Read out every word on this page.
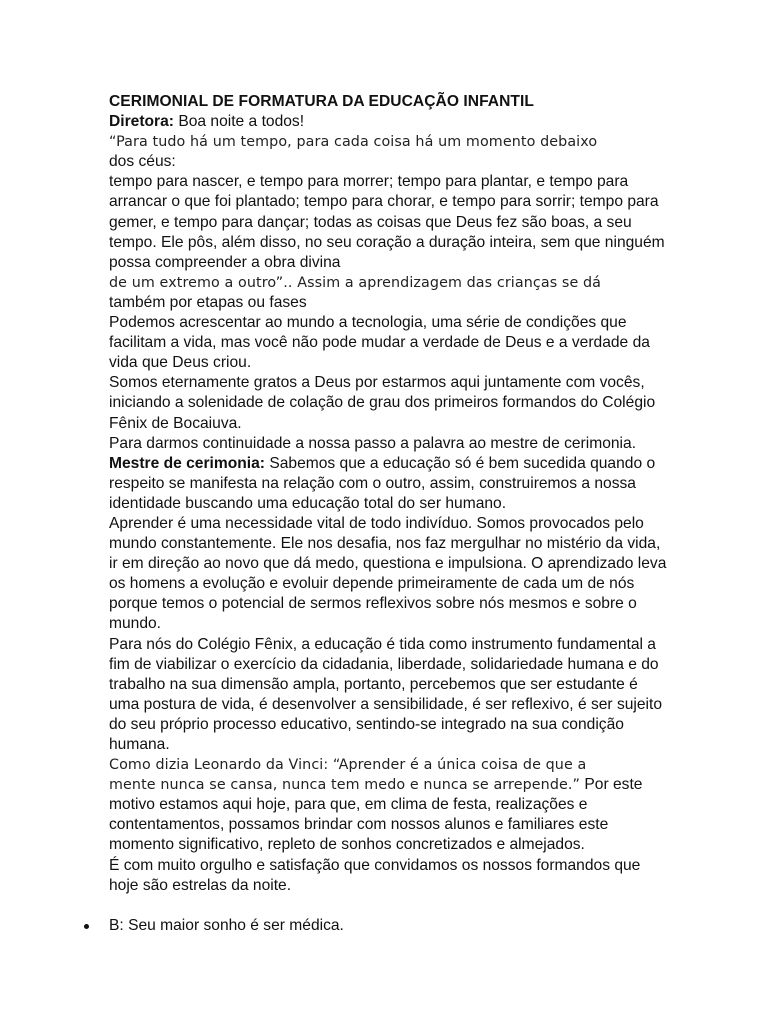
CERIMONIAL DE FORMATURA DA EDUCAÇÃO INFANTIL

Diretora: Boa noite a todos!

“Para tudo há um tempo, para cada coisa há um momento debaixo

dos céus:

tempo para nascer, e tempo para morrer; tempo para plantar, e tempo para arrancar o que foi plantado; tempo para chorar, e tempo para sorrir; tempo para gemer, e tempo para dançar; todas as coisas que Deus fez são boas, a seu tempo. Ele pôs, além disso, no seu coração a duração inteira, sem que ninguém possa compreender a obra divina

de um extremo a outro”.. Assim a aprendizagem das crianças se dá

também por etapas ou fases

Podemos acrescentar ao mundo a tecnologia, uma série de condições que facilitam a vida, mas você não pode mudar a verdade de Deus e a verdade da vida que Deus criou.

Somos eternamente gratos a Deus por estarmos aqui juntamente com vocês, iniciando a solenidade de colação de grau dos primeiros formandos do Colégio Fênix de Bocaiuva.

Para darmos continuidade a nossa passo a palavra ao mestre de cerimonia.

Mestre de cerimonia: Sabemos que a educação só é bem sucedida quando o respeito se manifesta na relação com o outro, assim, construiremos a nossa identidade buscando uma educação total do ser humano.

Aprender é uma necessidade vital de todo indivíduo. Somos provocados pelo mundo constantemente. Ele nos desafia, nos faz mergulhar no mistério da vida, ir em direção ao novo que dá medo, questiona e impulsiona. O aprendizado leva os homens a evolução e evoluir depende primeiramente de cada um de nós porque temos o potencial de sermos reflexivos sobre nós mesmos e sobre o mundo.

Para nós do Colégio Fênix, a educação é tida como instrumento fundamental a fim de viabilizar o exercício da cidadania, liberdade, solidariedade humana e do trabalho na sua dimensão ampla, portanto, percebemos que ser estudante é uma postura de vida, é desenvolver a sensibilidade, é ser reflexivo, é ser sujeito do seu próprio processo educativo, sentindo-se integrado na sua condição humana.

Como dizia Leonardo da Vinci: “Aprender é a única coisa de que a

mente nunca se cansa, nunca tem medo e nunca se arrepende.” Por este motivo estamos aqui hoje, para que, em clima de festa, realizações e contentamentos, possamos brindar com nossos alunos e familiares este momento significativo, repleto de sonhos concretizados e almejados.

É com muito orgulho e satisfação que convidamos os nossos formandos que hoje são estrelas da noite.

B: Seu maior sonho é ser médica.
